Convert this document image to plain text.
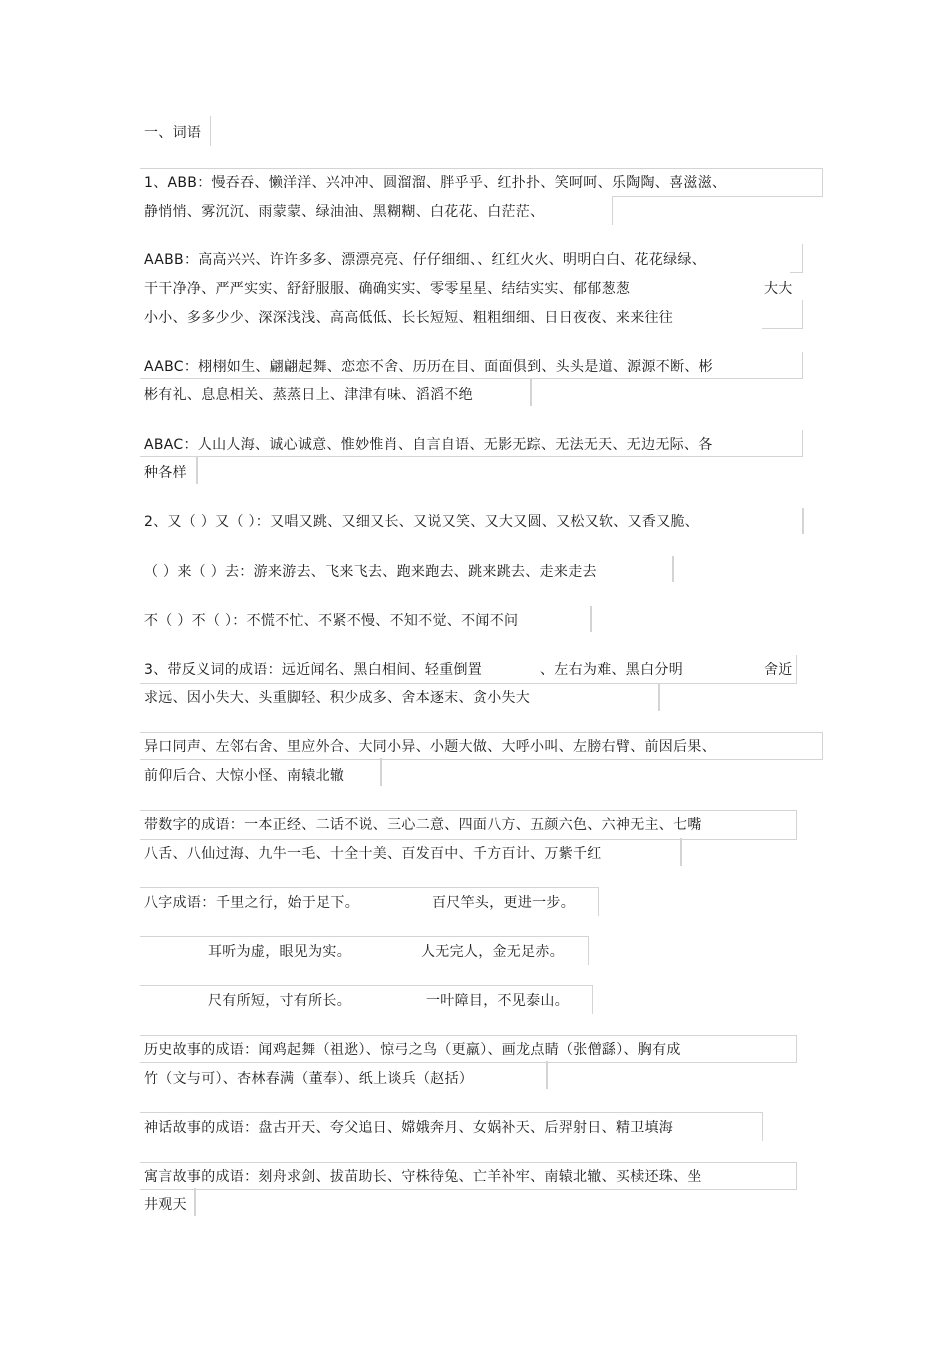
一、词语
1、ABB：慢吞吞、懒洋洋、兴冲冲、圆溜溜、胖乎乎、红扑扑、笑呵呵、乐陶陶、喜滋滋、
静悄悄、雾沉沉、雨蒙蒙、绿油油、黑糊糊、白花花、白茫茫、
AABB：高高兴兴、许许多多、漂漂亮亮、仔仔细细、、红红火火、明明白白、花花绿绿、
干干净净、严严实实、舒舒服服、确确实实、零零星星、结结实实、郁郁葱葱	大大
小小、多多少少、深深浅浅、高高低低、长长短短、粗粗细细、日日夜夜、来来往往
AABC：栩栩如生、翩翩起舞、恋恋不舍、历历在目、面面俱到、头头是道、源源不断、彬
彬有礼、息息相关、蒸蒸日上、津津有味、滔滔不绝
ABAC：人山人海、诚心诚意、惟妙惟肖、自言自语、无影无踪、无法无天、无边无际、各
种各样
2、又（ ）又（ ）：又唱又跳、又细又长、又说又笑、又大又圆、又松又软、又香又脆、
（ ）来（ ）去：游来游去、飞来飞去、跑来跑去、跳来跳去、走来走去
不（ ）不（ ）：不慌不忙、不紧不慢、不知不觉、不闻不问
3、带反义词的成语：远近闻名、黑白相间、轻重倒置	、左右为难、黑白分明	舍近
求远、因小失大、头重脚轻、积少成多、舍本逐末、贪小失大
异口同声、左邻右舍、里应外合、大同小异、小题大做、大呼小叫、左膀右臂、前因后果、
前仰后合、大惊小怪、南辕北辙
带数字的成语：一本正经、二话不说、三心二意、四面八方、五颜六色、六神无主、七嘴
八舌、八仙过海、九牛一毛、十全十美、百发百中、千方百计、万紫千红
八字成语： 千里之行，始于足下。	百尺竿头，更进一步。
耳听为虚，眼见为实。	人无完人，金无足赤。
尺有所短，寸有所长。	一叶障目，不见泰山。
历史故事的成语：闻鸡起舞（祖逖）、惊弓之鸟（更羸）、画龙点睛（张僧繇）、胸有成
竹（文与可）、杏林春满（董奉）、纸上谈兵（赵括）
神话故事的成语：盘古开天、夸父追日、嫦娥奔月、女娲补天、后羿射日、精卫填海
寓言故事的成语：刻舟求剑、拔苗助长、守株待兔、亡羊补牢、南辕北辙、买椟还珠、坐
井观天
